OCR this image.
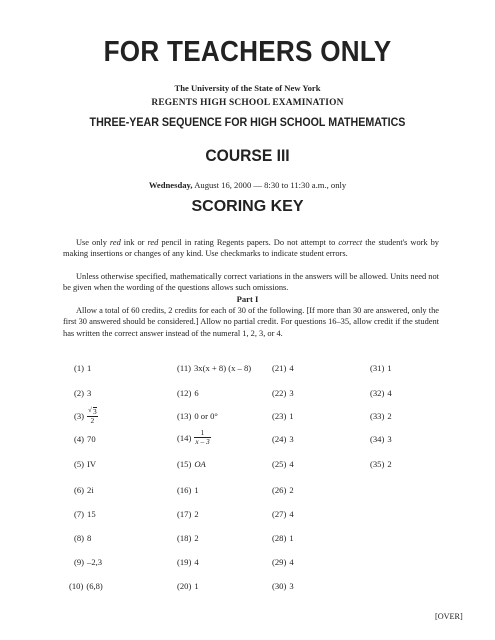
FOR TEACHERS ONLY
The University of the State of New York
REGENTS HIGH SCHOOL EXAMINATION
THREE-YEAR SEQUENCE FOR HIGH SCHOOL MATHEMATICS
COURSE III
Wednesday, August 16, 2000 — 8:30 to 11:30 a.m., only
SCORING KEY
Use only red ink or red pencil in rating Regents papers. Do not attempt to correct the student's work by making insertions or changes of any kind. Use checkmarks to indicate student errors.
Unless otherwise specified, mathematically correct variations in the answers will be allowed. Units need not be given when the wording of the questions allows such omissions.
Part I
Allow a total of 60 credits, 2 credits for each of 30 of the following. [If more than 30 are answered, only the first 30 answered should be considered.] Allow no partial credit. For questions 16–35, allow credit if the student has written the correct answer instead of the numeral 1, 2, 3, or 4.
(1) 1
(2) 3
$(3) \frac{√ 3}{2}$
(4) 70
(5) IV
(6) 2i
(7) 15
(8) 8
(9) –2,3
(10) (6,8)
(11) 3x(x + 8) (x – 8)
(12) 6
(13) 0 or 0°
$(14) \frac{1}{x - 3}$
(15) OA
(16) 1
(17) 2
(18) 2
(19) 4
(20) 1
(21) 4
(22) 3
(23) 1
(24) 3
(25) 4
(26) 2
(27) 4
(28) 1
(29) 4
(30) 3
(31) 1
(32) 4
(33) 2
(34) 3
(35) 2
[OVER]
